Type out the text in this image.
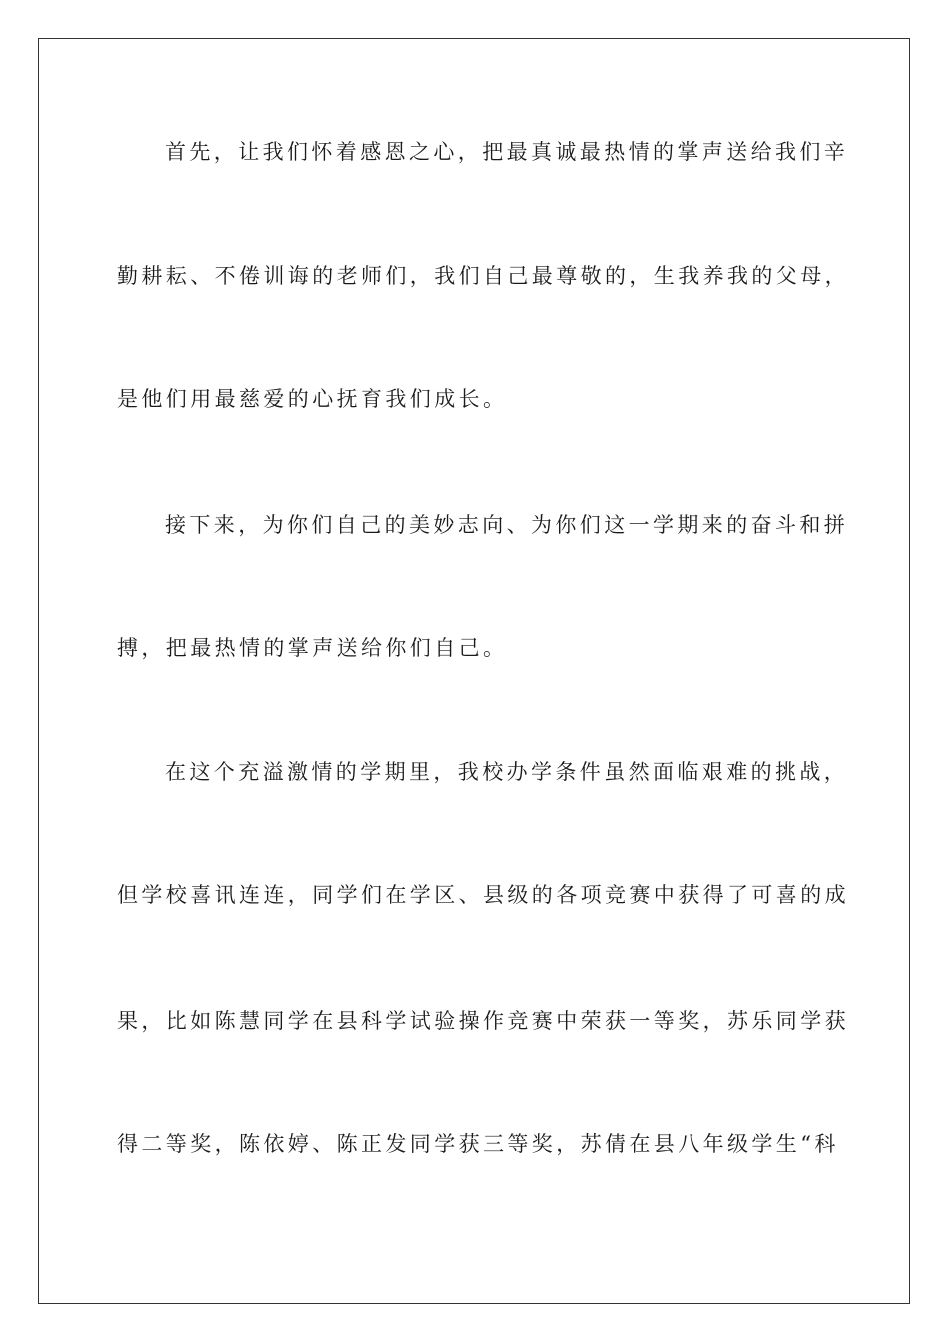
首先，让我们怀着感恩之心，把最真诚最热情的掌声送给我们辛
勤耕耘、不倦训诲的老师们，我们自己最尊敬的，生我养我的父母，
是他们用最慈爱的心抚育我们成长。
接下来，为你们自己的美妙志向、为你们这一学期来的奋斗和拼
搏，把最热情的掌声送给你们自己。
在这个充溢激情的学期里，我校办学条件虽然面临艰难的挑战，
但学校喜讯连连，同学们在学区、县级的各项竞赛中获得了可喜的成
果，比如陈慧同学在县科学试验操作竞赛中荣获一等奖，苏乐同学获
得二等奖，陈依婷、陈正发同学获三等奖，苏倩在县八年级学生“科
